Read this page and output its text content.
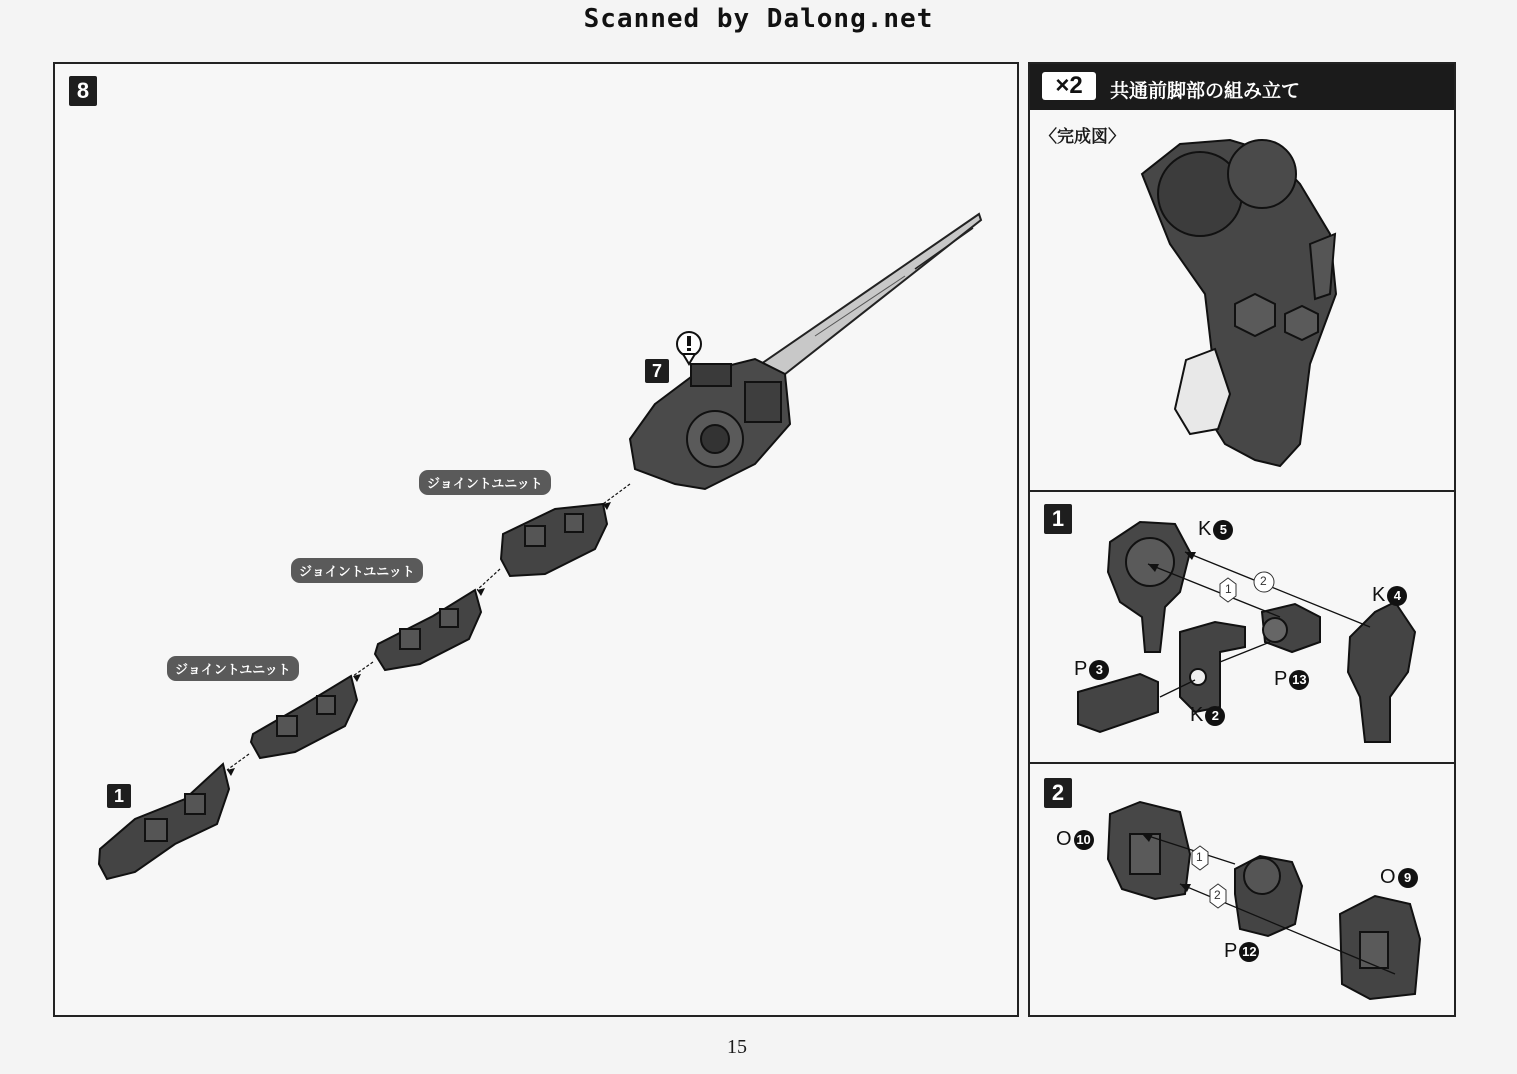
Scanned by Dalong.net
8
7
1
ジョイントユニット
ジョイントユニット
ジョイントユニット
×2	共通前脚部の組み立て
〈完成図〉
1
1
2
K 5
K 4
P 3	P 13
K 2
2
1
2
O 10
O 9
P 12
15
